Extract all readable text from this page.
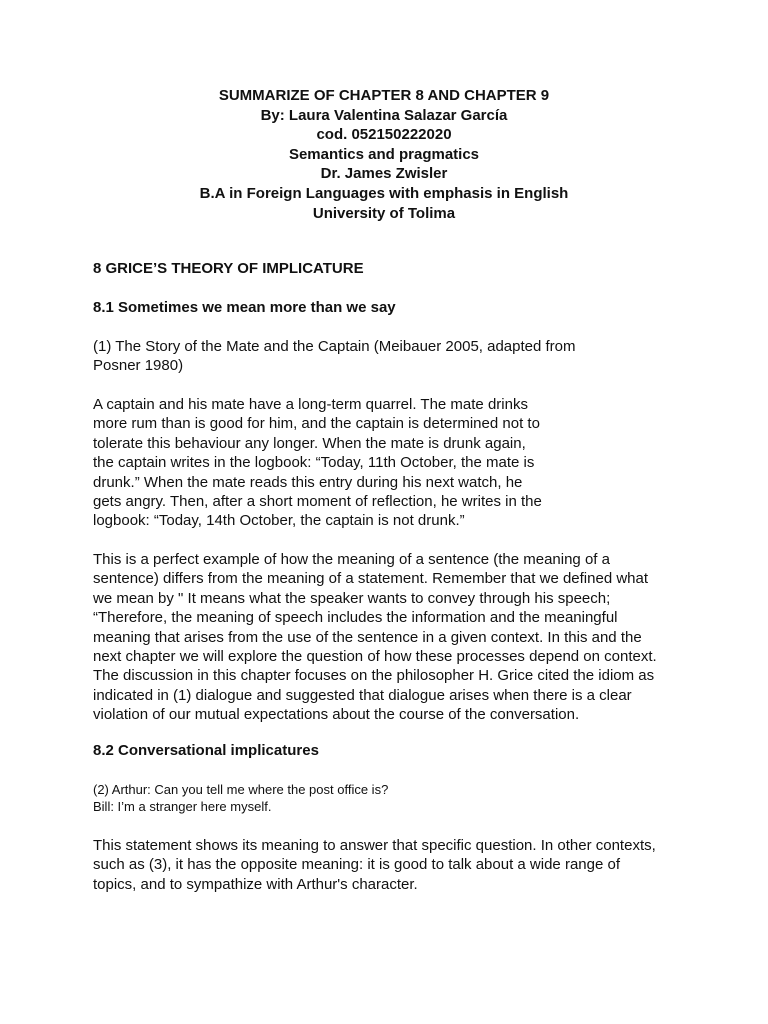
SUMMARIZE OF CHAPTER 8 AND CHAPTER 9
By: Laura Valentina Salazar García
cod. 052150222020
Semantics and pragmatics
Dr. James Zwisler
B.A in Foreign Languages with emphasis in English
University of Tolima
8 GRICE’S THEORY OF IMPLICATURE
8.1 Sometimes we mean more than we say
(1) The Story of the Mate and the Captain (Meibauer 2005, adapted from
Posner 1980)
A captain and his mate have a long-term quarrel. The mate drinks
more rum than is good for him, and the captain is determined not to
tolerate this behaviour any longer. When the mate is drunk again,
the captain writes in the logbook: “Today, 11th October, the mate is
drunk.” When the mate reads this entry during his next watch, he
gets angry. Then, after a short moment of reflection, he writes in the
logbook: “Today, 14th October, the captain is not drunk.”
This is a perfect example of how the meaning of a sentence (the meaning of a
sentence) differs from the meaning of a statement. Remember that we defined what
we mean by " It means what the speaker wants to convey through his speech;
“Therefore, the meaning of speech includes the information and the meaningful
meaning that arises from the use of the sentence in a given context. In this and the
next chapter we will explore the question of how these processes depend on context.
The discussion in this chapter focuses on the philosopher H. Grice cited the idiom as
indicated in (1) dialogue and suggested that dialogue arises when there is a clear
violation of our mutual expectations about the course of the conversation.
8.2 Conversational implicatures
(2) Arthur: Can you tell me where the post office is?
Bill: I’m a stranger here myself.
This statement shows its meaning to answer that specific question. In other contexts,
such as (3), it has the opposite meaning: it is good to talk about a wide range of
topics, and to sympathize with Arthur's character.
